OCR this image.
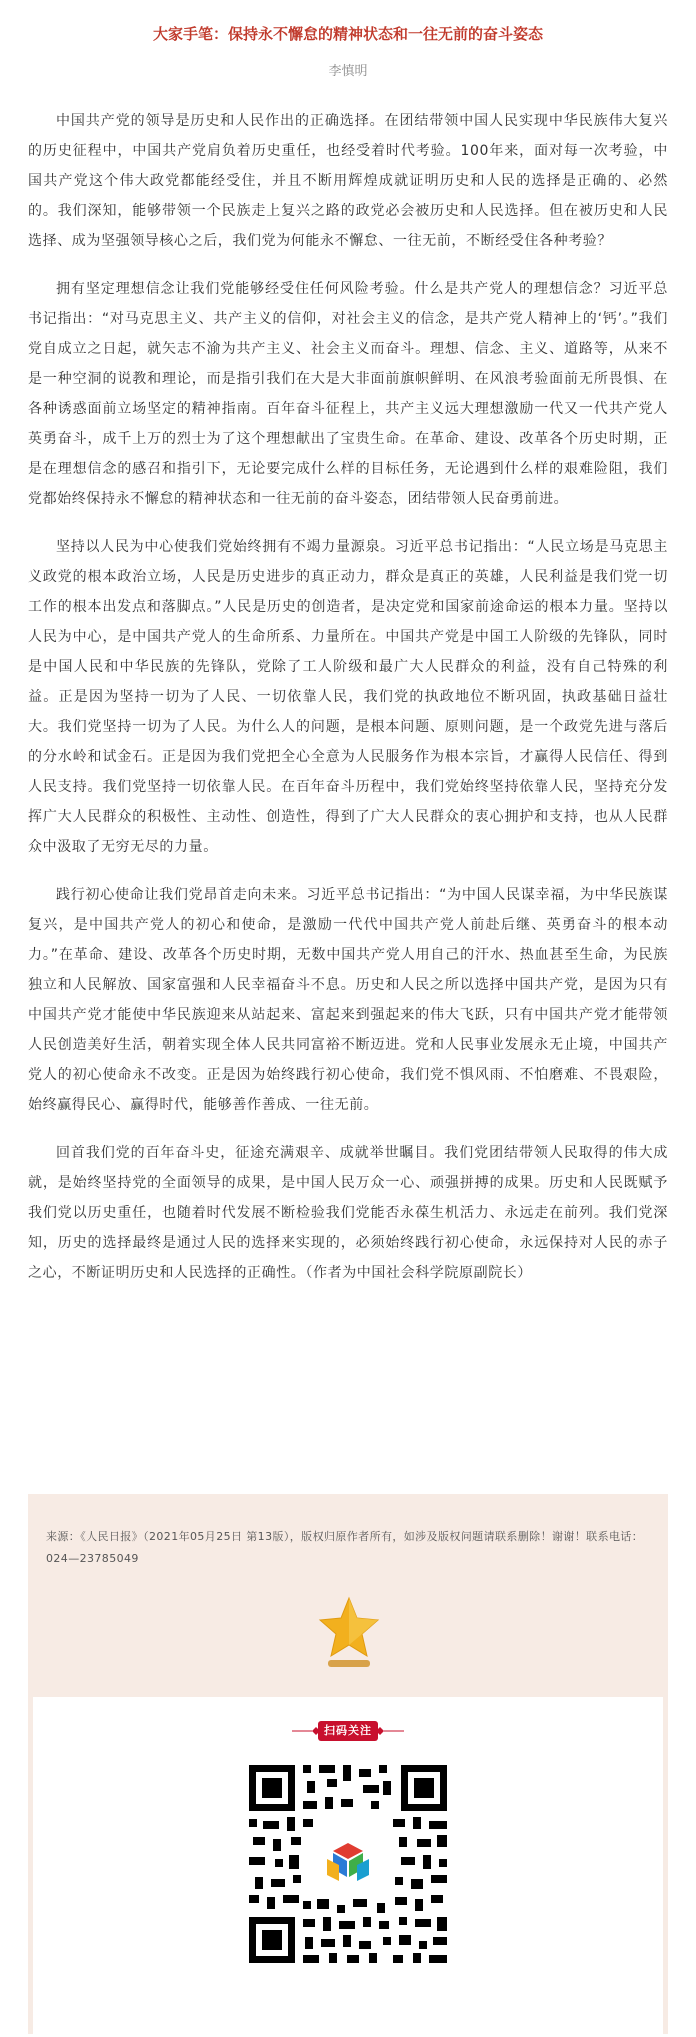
大家手笔：保持永不懈怠的精神状态和一往无前的奋斗姿态
李慎明

中国共产党的领导是历史和人民作出的正确选择。在团结带领中国人民实现中华民族伟大复兴的历史征程中，中国共产党肩负着历史重任，也经受着时代考验。100年来，面对每一次考验，中国共产党这个伟大政党都能经受住，并且不断用辉煌成就证明历史和人民的选择是正确的、必然的。我们深知，能够带领一个民族走上复兴之路的政党必会被历史和人民选择。但在被历史和人民选择、成为坚强领导核心之后，我们党为何能永不懈怠、一往无前，不断经受住各种考验？

拥有坚定理想信念让我们党能够经受住任何风险考验。什么是共产党人的理想信念？习近平总书记指出：“对马克思主义、共产主义的信仰，对社会主义的信念，是共产党人精神上的‘钙’。”我们党自成立之日起，就矢志不渝为共产主义、社会主义而奋斗。理想、信念、主义、道路等，从来不是一种空洞的说教和理论，而是指引我们在大是大非面前旗帜鲜明、在风浪考验面前无所畏惧、在各种诱惑面前立场坚定的精神指南。百年奋斗征程上，共产主义远大理想激励一代又一代共产党人英勇奋斗，成千上万的烈士为了这个理想献出了宝贵生命。在革命、建设、改革各个历史时期，正是在理想信念的感召和指引下，无论要完成什么样的目标任务，无论遇到什么样的艰难险阻，我们党都始终保持永不懈怠的精神状态和一往无前的奋斗姿态，团结带领人民奋勇前进。

坚持以人民为中心使我们党始终拥有不竭力量源泉。习近平总书记指出：“人民立场是马克思主义政党的根本政治立场，人民是历史进步的真正动力，群众是真正的英雄，人民利益是我们党一切工作的根本出发点和落脚点。”人民是历史的创造者，是决定党和国家前途命运的根本力量。坚持以人民为中心，是中国共产党人的生命所系、力量所在。中国共产党是中国工人阶级的先锋队，同时是中国人民和中华民族的先锋队，党除了工人阶级和最广大人民群众的利益，没有自己特殊的利益。正是因为坚持一切为了人民、一切依靠人民，我们党的执政地位不断巩固，执政基础日益壮大。我们党坚持一切为了人民。为什么人的问题，是根本问题、原则问题，是一个政党先进与落后的分水岭和试金石。正是因为我们党把全心全意为人民服务作为根本宗旨，才赢得人民信任、得到人民支持。我们党坚持一切依靠人民。在百年奋斗历程中，我们党始终坚持依靠人民，坚持充分发挥广大人民群众的积极性、主动性、创造性，得到了广大人民群众的衷心拥护和支持，也从人民群众中汲取了无穷无尽的力量。

践行初心使命让我们党昂首走向未来。习近平总书记指出：“为中国人民谋幸福，为中华民族谋复兴，是中国共产党人的初心和使命，是激励一代代中国共产党人前赴后继、英勇奋斗的根本动力。”在革命、建设、改革各个历史时期，无数中国共产党人用自己的汗水、热血甚至生命，为民族独立和人民解放、国家富强和人民幸福奋斗不息。历史和人民之所以选择中国共产党，是因为只有中国共产党才能使中华民族迎来从站起来、富起来到强起来的伟大飞跃，只有中国共产党才能带领人民创造美好生活，朝着实现全体人民共同富裕不断迈进。党和人民事业发展永无止境，中国共产党人的初心使命永不改变。正是因为始终践行初心使命，我们党不惧风雨、不怕磨难、不畏艰险，始终赢得民心、赢得时代，能够善作善成、一往无前。

回首我们党的百年奋斗史，征途充满艰辛、成就举世瞩目。我们党团结带领人民取得的伟大成就，是始终坚持党的全面领导的成果，是中国人民万众一心、顽强拼搏的成果。历史和人民既赋予我们党以历史重任，也随着时代发展不断检验我们党能否永葆生机活力、永远走在前列。我们党深知，历史的选择最终是通过人民的选择来实现的，必须始终践行初心使命，永远保持对人民的赤子之心，不断证明历史和人民选择的正确性。（作者为中国社会科学院原副院长）

来源：《人民日报》（2021年05月25日 第13版），版权归原作者所有，如涉及版权问题请联系删除！谢谢！联系电话：024—23785049
扫码关注
